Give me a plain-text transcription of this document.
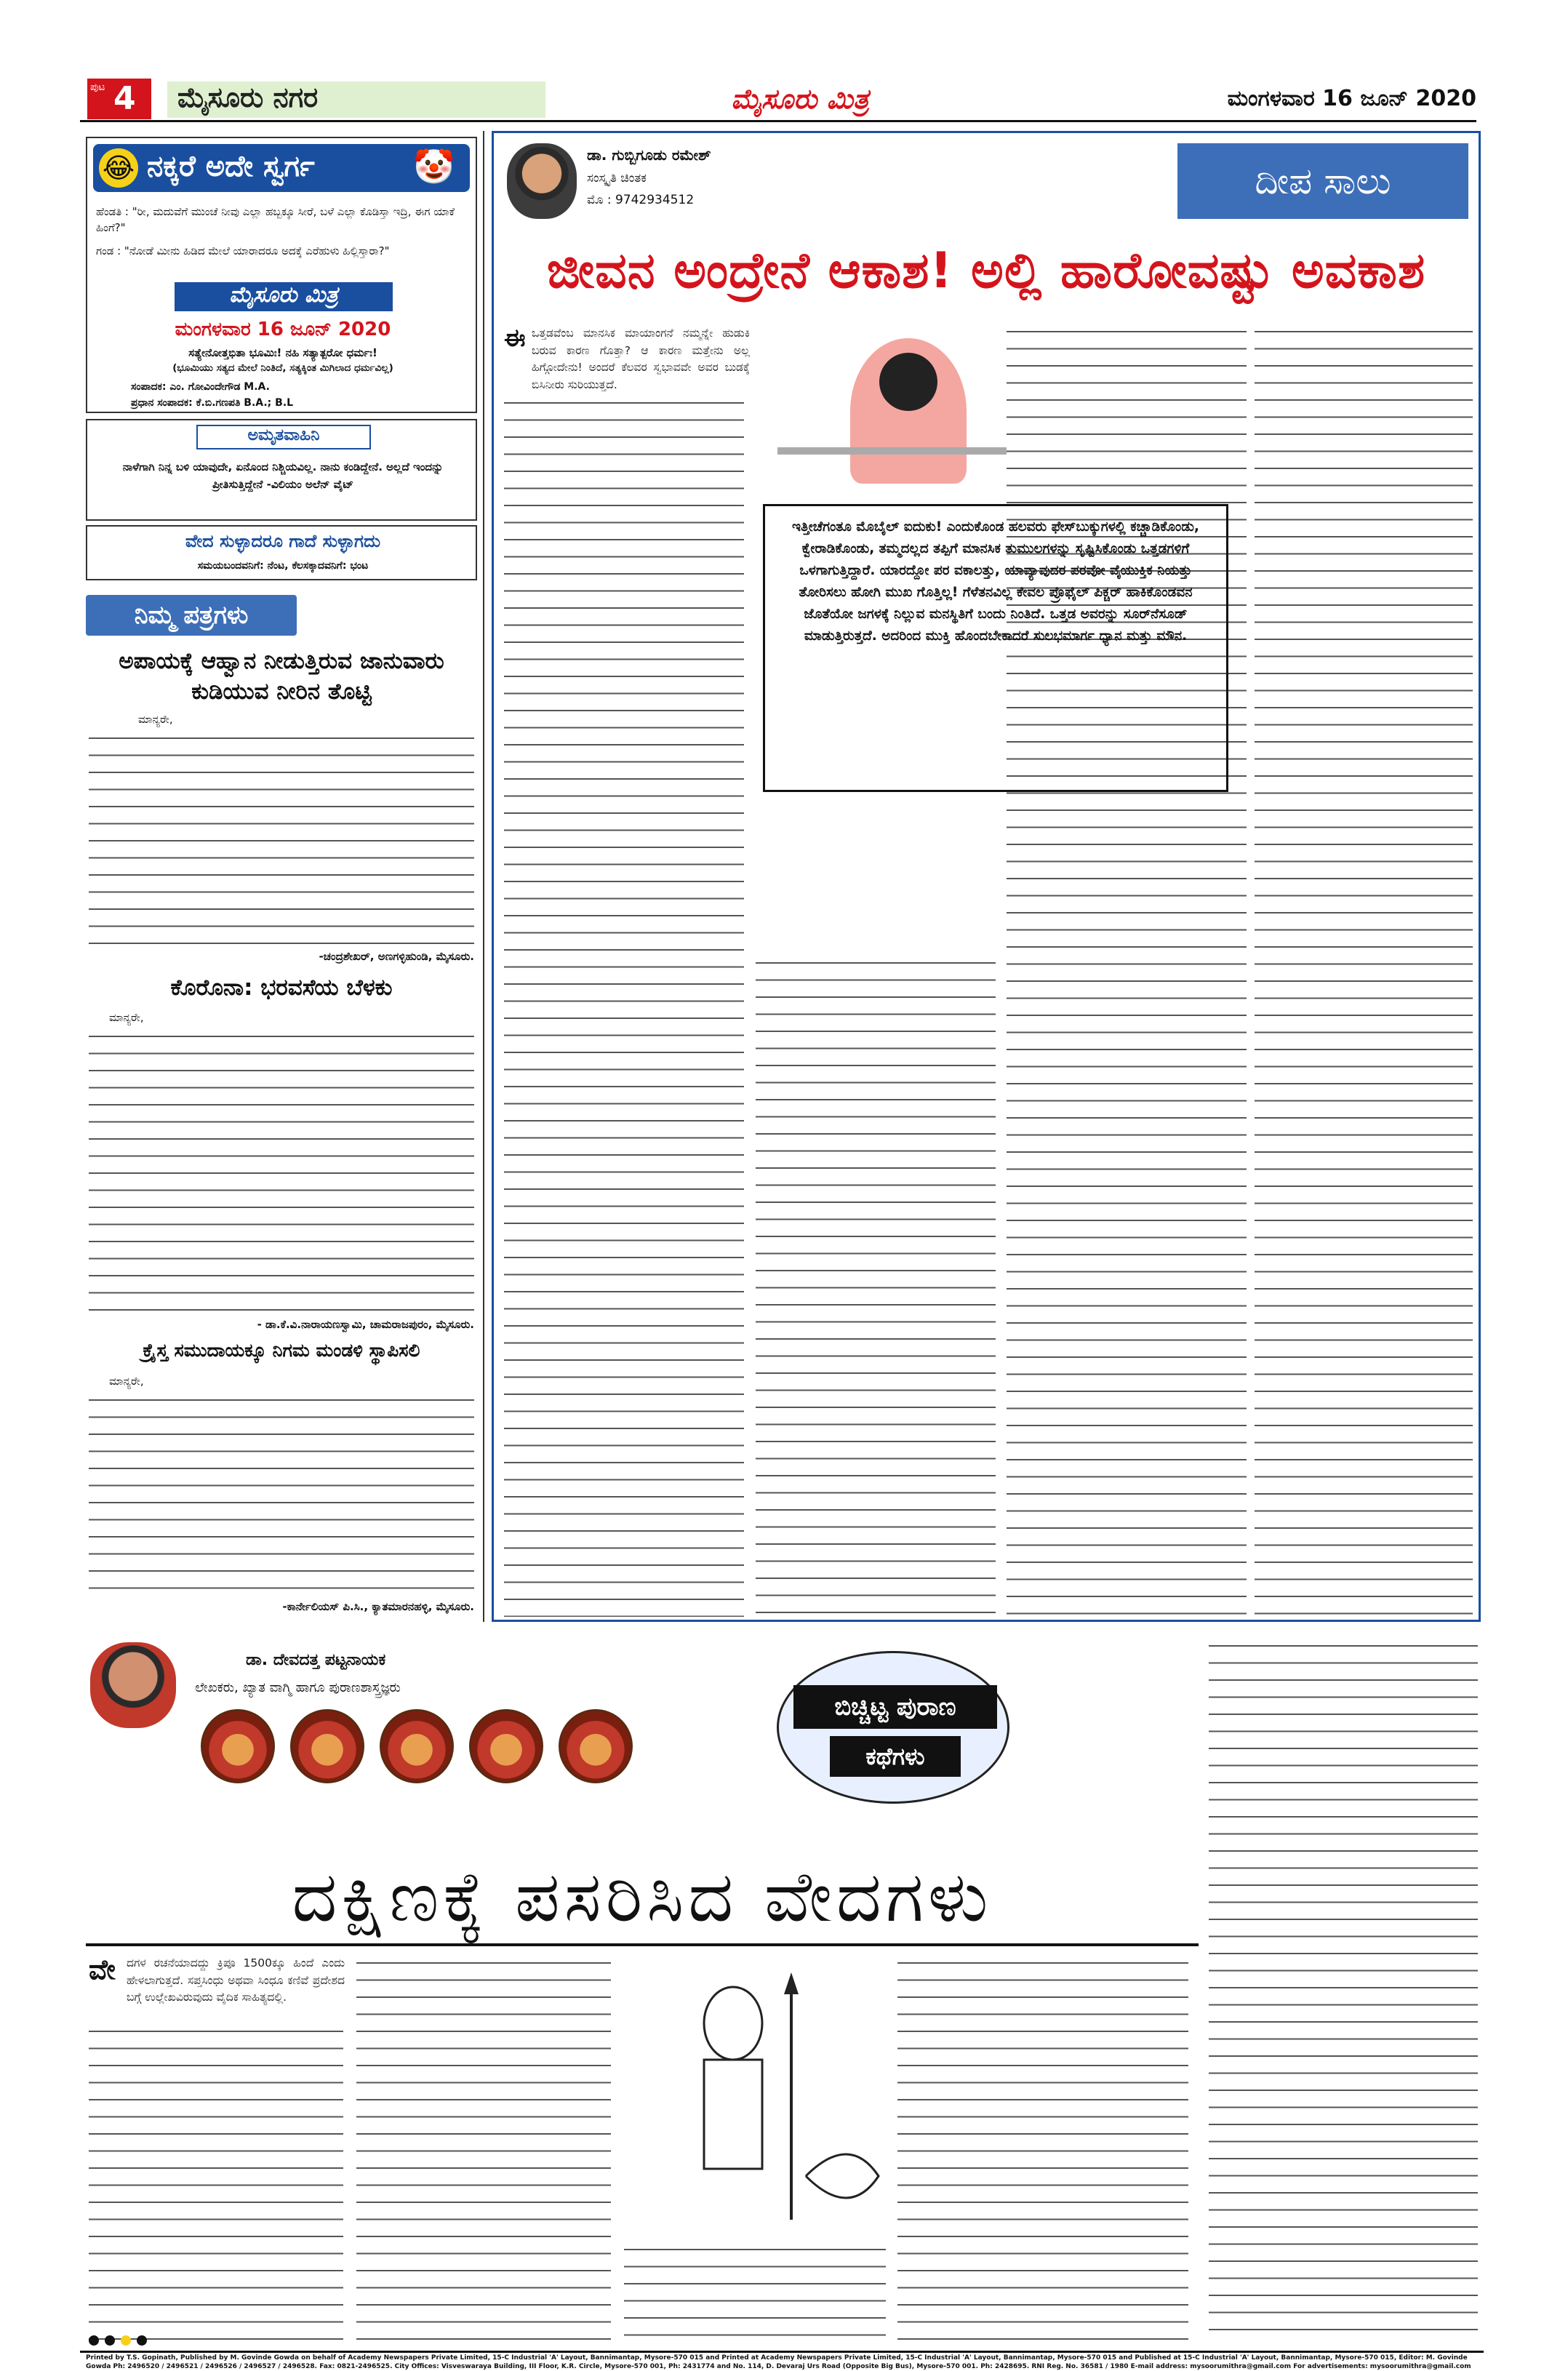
ಪುಟ 4	ಮೈಸೂರು ನಗರ	ಮೈಸೂರು ಮಿತ್ರ	ಮಂಗಳವಾರ 16 ಜೂನ್ 2020
😂 ನಕ್ಕರೆ ಅದೇ ಸ್ವರ್ಗ	🤡
ಹೆಂಡತಿ : "ರೀ, ಮದುವೆಗೆ ಮುಂಚೆ ನೀವು ಎಲ್ಲಾ ಹಬ್ಬಕ್ಕೂ ಸೀರೆ, ಬಳೆ ಎಲ್ಲಾ ಕೊಡಿಸ್ತಾ ಇದ್ರಿ, ಈಗ ಯಾಕೆ ಹಿಂಗೆ?"
ಗಂಡ : "ನೋಡೆ ಮೀನು ಹಿಡಿದ ಮೇಲೆ ಯಾರಾದರೂ ಅದಕ್ಕೆ ಎರೆಹುಳು ಹಿಲ್ಲಿಸ್ತಾರಾ?"
ಮೈಸೂರು ಮಿತ್ರ
ಮಂಗಳವಾರ 16 ಜೂನ್ 2020
ಸತ್ಯೇನೋತ್ತಭಿತಾ ಭೂಮಿಃ! ನಹಿ ಸತ್ಯಾತ್ಪರೋ ಧರ್ಮಃ!
(ಭೂಮಿಯು ಸತ್ಯದ ಮೇಲೆ ನಿಂತಿದೆ, ಸತ್ಯಕ್ಕಿಂತ ಮಿಗಿಲಾದ ಧರ್ಮವಿಲ್ಲ)
ಸಂಪಾದಕ: ಎಂ. ಗೋವಿಂದೇಗೌಡ M.A.
ಪ್ರಧಾನ ಸಂಪಾದಕ: ಕೆ.ಬಿ.ಗಣಪತಿ B.A.; B.L
ಅಮೃತವಾಹಿನಿ
ನಾಳೆಗಾಗಿ ನಿನ್ನ ಬಳಿ ಯಾವುದೇ, ಏನೊಂದ ನಿಶ್ಚಿಯವಿಲ್ಲ. ನಾನು ಕಂಡಿದ್ದೇನೆ. ಅಲ್ಲದೆ ಇಂದನ್ನು ಪ್ರೀತಿಸುತ್ತಿದ್ದೇನೆ -ವಿಲಿಯಂ ಅಲೆನ್ ವೈಟ್
ವೇದ ಸುಳ್ಳಾದರೂ ಗಾದೆ ಸುಳ್ಳಾಗದು
ಸಮಯಬಂದವನಿಗೆ: ನೆಂಟ, ಕೆಲಸಕ್ಕಾದವನಿಗೆ: ಭಂಟ
ನಿಮ್ಮ ಪತ್ರಗಳು
ಅಪಾಯಕ್ಕೆ ಆಹ್ವಾನ ನೀಡುತ್ತಿರುವ ಜಾನುವಾರು ಕುಡಿಯುವ ನೀರಿನ ತೊಟ್ಟಿ
ಮಾನ್ಯರೇ,
-ಚಂದ್ರಶೇಖರ್, ಅಣಗಳ್ಳಿಹುಂಡಿ, ಮೈಸೂರು.
ಕೊರೊನಾ: ಭರವಸೆಯ ಬೆಳಕು
ಮಾನ್ಯರೇ,
- ಡಾ.ಕೆ.ವಿ.ನಾರಾಯಣಸ್ವಾಮಿ, ಚಾಮರಾಜಪುರಂ, ಮೈಸೂರು.
ಕ್ರೈಸ್ತ ಸಮುದಾಯಕ್ಕೂ ನಿಗಮ ಮಂಡಳಿ ಸ್ಥಾಪಿಸಲಿ
ಮಾನ್ಯರೇ,
-ಕಾರ್ನೇಲಿಯಸ್ ಪಿ.ಸಿ., ಕ್ಯಾತಮಾರನಹಳ್ಳಿ, ಮೈಸೂರು.
ಡಾ. ಗುಬ್ಬಿಗೂಡು ರಮೇಶ್
ಸಂಸ್ಕೃತಿ ಚಿಂತಕ
ಮೊ : 9742934512	ದೀಪ ಸಾಲು
ಜೀವನ ಅಂದ್ರೇನೆ ಆಕಾಶ! ಅಲ್ಲಿ ಹಾರೋವಷ್ಟು ಅವಕಾಶ
ಈ ಒತ್ತಡವೆಂಬ ಮಾನಸಿಕ ಮಾಯಾಂಗನೆ ನಮ್ಮನ್ನೇ ಹುಡುಕಿ ಬರುವ ಕಾರಣ ಗೊತ್ತಾ? ಆ ಕಾರಣ ಮತ್ತೇನು ಅಲ್ಲ ಹಿಗ್ಗೋದೇನು! ಅಂದರೆ ಕೆಲವರ ಸ್ವಭಾವವೇ ಅವರ ಬುಡಕ್ಕೆ ಬಿಸಿನೀರು ಸುರಿಯುತ್ತದೆ.
ಇತ್ತೀಚೆಗಂತೂ ಮೊಬೈಲ್ ಐದುಕು! ಎಂದುಕೊಂಡ ಹಲವರು ಫೇಸ್‌ಬುಕ್ಕುಗಳಲ್ಲಿ ಕಚ್ಚಾಡಿಕೊಂಡು, ಕ್ವೇರಾಡಿಕೊಂಡು, ತಮ್ಮದಲ್ಲದ ತಪ್ಪಿಗೆ ಮಾನಸಿಕ ತುಮುಲಗಳನ್ನು ಸೃಷ್ಟಿಸಿಕೊಂಡು ಒತ್ತಡಗಳಿಗೆ ಒಳಗಾಗುತ್ತಿದ್ದಾರೆ. ಯಾರದ್ದೋ ಪರ ವಕಾಲತ್ತು, ಯಾವ್ಯಾವುದರ ಪರವೋ ವೈಯುಕ್ತಿಕ ನಿಯತ್ತು ತೋರಿಸಲು ಹೋಗಿ ಮುಖ ಗೊತ್ತಿಲ್ಲ! ಗೆಳೆತನವಿಲ್ಲ ಕೇವಲ ಪ್ರೊಫೈಲ್ ಪಿಕ್ಚರ್ ಹಾಕಿಕೊಂಡವನ ಜೊತೆಯೋ ಜಗಳಕ್ಕೆ ನಿಲ್ಲುವ ಮನಸ್ಥಿತಿಗೆ ಬಂದು ನಿಂತಿದೆ. ಒತ್ತಡ ಅವರನ್ನು ಸೂರ್‌ನೆಸೂಡ್ ಮಾಡುತ್ತಿರುತ್ತದೆ. ಅದರಿಂದ ಮುಕ್ತಿ ಹೊಂದಬೇಕಾದರೆ ಸುಲಭಮಾರ್ಗ ಧ್ಯಾನ ಮತ್ತು ಮೌನ.
ಡಾ. ದೇವದತ್ತ ಪಟ್ಟನಾಯಕ
ಲೇಖಕರು, ಖ್ಯಾತ ವಾಗ್ಮಿ ಹಾಗೂ ಪುರಾಣಶಾಸ್ತ್ರಜ್ಞರು

ಬಿಚ್ಚಿಟ್ಟ ಪುರಾಣ
ಕಥೆಗಳು
ದಕ್ಷಿಣಕ್ಕೆ ಪಸರಿಸಿದ ವೇದಗಳು
ವೇ ದಗಳ ರಚನೆಯಾದದ್ದು ಕ್ರಿಪೂ 1500ಕ್ಕೂ ಹಿಂದೆ ಎಂದು ಹೇಳಲಾಗುತ್ತದೆ. ಸಪ್ತಸಿಂಧು ಅಥವಾ ಸಿಂಧೂ ಕಣಿವೆ ಪ್ರದೇಶದ ಬಗ್ಗೆ ಉಲ್ಲೇಖವಿರುವುದು ವೈದಿಕ ಸಾಹಿತ್ಯದಲ್ಲಿ.
Printed by T.S. Gopinath, Published by M. Govinde Gowda on behalf of Academy Newspapers Private Limited, 15-C Industrial 'A' Layout, Bannimantap, Mysore-570 015 and Printed at Academy Newspapers Private Limited, 15-C Industrial 'A' Layout, Bannimantap, Mysore-570 015 and Published at 15-C Industrial 'A' Layout, Bannimantap, Mysore-570 015, Editor: M. Govinde Gowda Ph: 2496520 / 2496521 / 2496526 / 2496527 / 2496528. Fax: 0821-2496525. City Offices: Visveswaraya Building, III Floor, K.R. Circle, Mysore-570 001, Ph: 2431774 and No. 114, D. Devaraj Urs Road (Opposite Big Bus), Mysore-570 001. Ph: 2428695. RNI Reg. No. 36581 / 1980 E-mail address: mysoorumithra@gmail.com For advertisements: mysoorumithra@gmail.com
